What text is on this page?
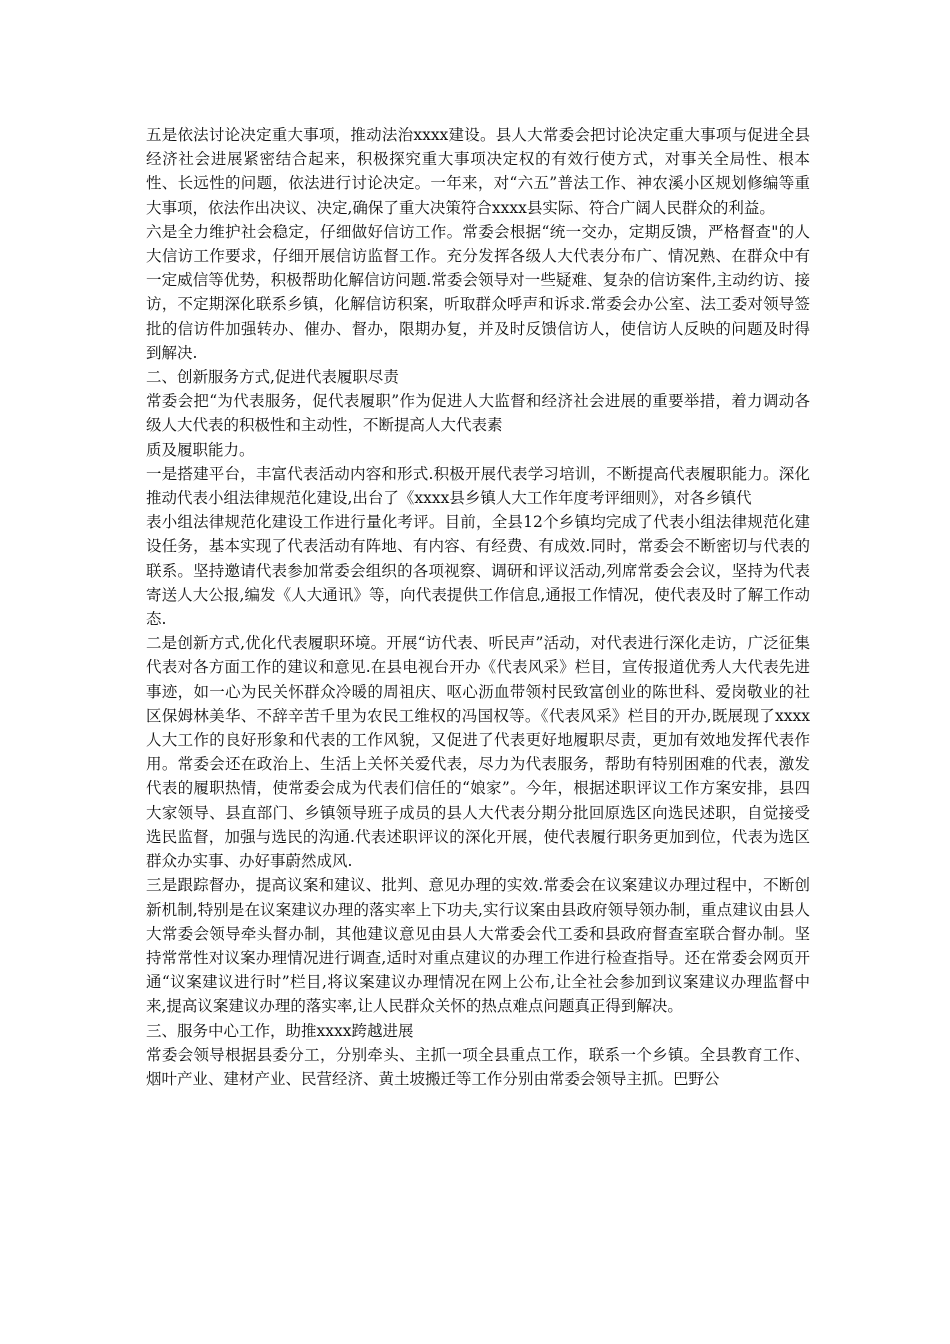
五是依法讨论决定重大事项，推动法治xxxx建设。县人大常委会把讨论决定重大事项与促进全县经济社会进展紧密结合起来，积极探究重大事项决定权的有效行使方式，对事关全局性、根本性、长远性的问题，依法进行讨论决定。一年来，对“六五”普法工作、神农溪小区规划修编等重大事项，依法作出决议、决定,确保了重大决策符合xxxx县实际、符合广阔人民群众的利益。

六是全力维护社会稳定，仔细做好信访工作。常委会根据“统一交办，定期反馈，严格督查"的人大信访工作要求，仔细开展信访监督工作。充分发挥各级人大代表分布广、情况熟、在群众中有一定威信等优势，积极帮助化解信访问题.常委会领导对一些疑难、复杂的信访案件,主动约访、接访，不定期深化联系乡镇，化解信访积案，听取群众呼声和诉求.常委会办公室、法工委对领导签批的信访件加强转办、催办、督办，限期办复，并及时反馈信访人，使信访人反映的问题及时得到解决.

二、创新服务方式,促进代表履职尽责

常委会把“为代表服务，促代表履职”作为促进人大监督和经济社会进展的重要举措，着力调动各级人大代表的积极性和主动性，不断提高人大代表素

质及履职能力。

一是搭建平台，丰富代表活动内容和形式.积极开展代表学习培训，不断提高代表履职能力。深化推动代表小组法律规范化建设,出台了《xxxx县乡镇人大工作年度考评细则》，对各乡镇代

表小组法律规范化建设工作进行量化考评。目前，全县12个乡镇均完成了代表小组法律规范化建设任务，基本实现了代表活动有阵地、有内容、有经费、有成效.同时，常委会不断密切与代表的联系。坚持邀请代表参加常委会组织的各项视察、调研和评议活动,列席常委会会议，坚持为代表寄送人大公报,编发《人大通讯》等，向代表提供工作信息,通报工作情况，使代表及时了解工作动态.

二是创新方式,优化代表履职环境。开展“访代表、听民声”活动，对代表进行深化走访，广泛征集代表对各方面工作的建议和意见.在县电视台开办《代表风采》栏目，宣传报道优秀人大代表先进事迹，如一心为民关怀群众冷暖的周祖庆、呕心沥血带领村民致富创业的陈世科、爱岗敬业的社区保姆林美华、不辞辛苦千里为农民工维权的冯国权等。《代表风采》栏目的开办,既展现了xxxx人大工作的良好形象和代表的工作风貌，又促进了代表更好地履职尽责，更加有效地发挥代表作用。常委会还在政治上、生活上关怀关爱代表，尽力为代表服务，帮助有特别困难的代表，激发代表的履职热情，使常委会成为代表们信任的“娘家”。今年，根据述职评议工作方案安排，县四大家领导、县直部门、乡镇领导班子成员的县人大代表分期分批回原选区向选民述职，自觉接受选民监督，加强与选民的沟通.代表述职评议的深化开展，使代表履行职务更加到位，代表为选区群众办实事、办好事蔚然成风.

三是跟踪督办，提高议案和建议、批判、意见办理的实效.常委会在议案建议办理过程中，不断创新机制,特别是在议案建议办理的落实率上下功夫,实行议案由县政府领导领办制，重点建议由县人大常委会领导牵头督办制，其他建议意见由县人大常委会代工委和县政府督查室联合督办制。坚持常常性对议案办理情况进行调查,适时对重点建议的办理工作进行检查指导。还在常委会网页开通“议案建议进行时”栏目,将议案建议办理情况在网上公布,让全社会参加到议案建议办理监督中来,提高议案建议办理的落实率,让人民群众关怀的热点难点问题真正得到解决。

三、服务中心工作，助推xxxx跨越进展

常委会领导根据县委分工，分别牵头、主抓一项全县重点工作，联系一个乡镇。全县教育工作、烟叶产业、建材产业、民营经济、黄土坡搬迁等工作分别由常委会领导主抓。巴野公
